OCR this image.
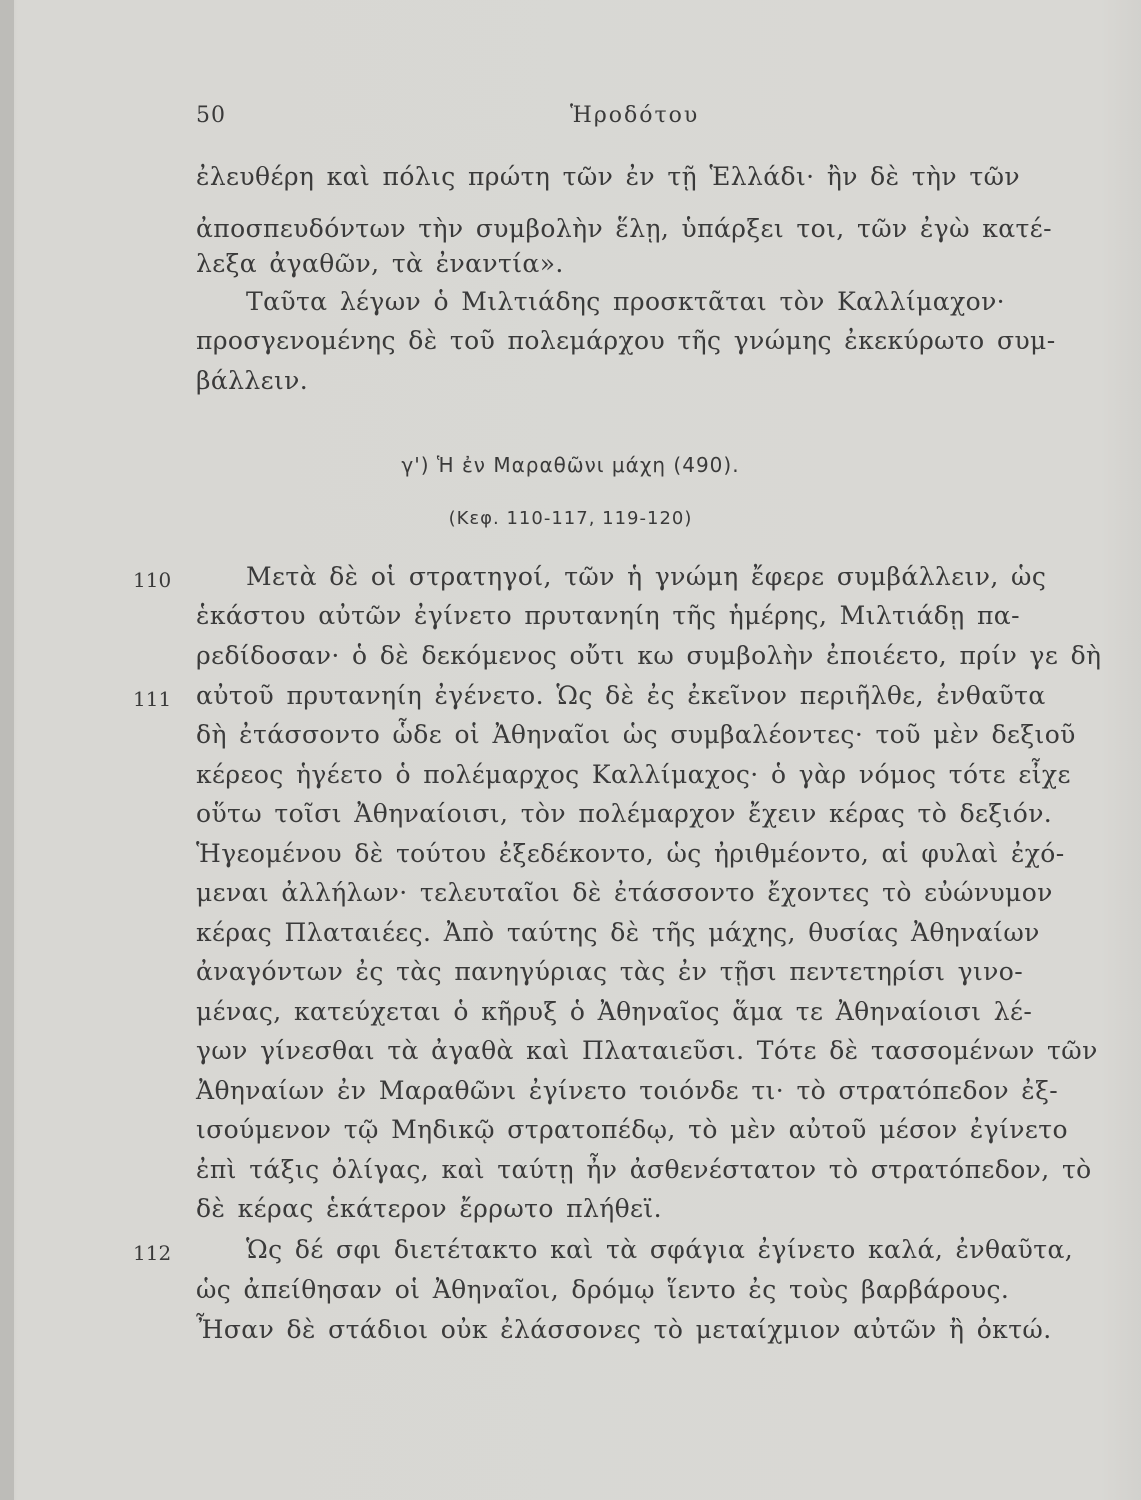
50	Ἡροδότου
ἐλευθέρη καὶ πόλις πρώτη τῶν ἐν τῇ Ἑλλάδι· ἢν δὲ τὴν τῶν
ἀποσπευδόντων τὴν συμβολὴν ἕλῃ, ὑπάρξει τοι, τῶν ἐγὼ κατέ-
λεξα ἀγαθῶν, τὰ ἐναντία».
Ταῦτα λέγων ὁ Μιλτιάδης προσκτᾶται τὸν Καλλίμαχον·
προσγενομένης δὲ τοῦ πολεμάρχου τῆς γνώμης ἐκεκύρωτο συμ-
βάλλειν.
γ') Ἡ ἐν Μαραθῶνι μάχη (490).
(Κεφ. 110-117, 119-120)
110
111
112
Μετὰ δὲ οἱ στρατηγοί, τῶν ἡ γνώμη ἔφερε συμβάλλειν, ὡς
ἑκάστου αὐτῶν ἐγίνετο πρυτανηίη τῆς ἡμέρης, Μιλτιάδῃ πα-
ρεδίδοσαν· ὁ δὲ δεκόμενος οὔτι κω συμβολὴν ἐποιέετο, πρίν γε δὴ
αὐτοῦ πρυτανηίη ἐγένετο. Ὡς δὲ ἐς ἐκεῖνον περιῆλθε, ἐνθαῦτα
δὴ ἐτάσσοντο ὧδε οἱ Ἀθηναῖοι ὡς συμβαλέοντες· τοῦ μὲν δεξιοῦ
κέρεος ἡγέετο ὁ πολέμαρχος Καλλίμαχος· ὁ γὰρ νόμος τότε εἶχε
οὕτω τοῖσι Ἀθηναίοισι, τὸν πολέμαρχον ἔχειν κέρας τὸ δεξιόν.
Ἡγεομένου δὲ τούτου ἐξεδέκοντο, ὡς ἠριθμέοντο, αἱ φυλαὶ ἐχό-
μεναι ἀλλήλων· τελευταῖοι δὲ ἐτάσσοντο ἔχοντες τὸ εὐώνυμον
κέρας Πλαταιέες. Ἀπὸ ταύτης δὲ τῆς μάχης, θυσίας Ἀθηναίων
ἀναγόντων ἐς τὰς πανηγύριας τὰς ἐν τῇσι πεντετηρίσι γινο-
μένας, κατεύχεται ὁ κῆρυξ ὁ Ἀθηναῖος ἅμα τε Ἀθηναίοισι λέ-
γων γίνεσθαι τὰ ἀγαθὰ καὶ Πλαταιεῦσι. Τότε δὲ τασσομένων τῶν
Ἀθηναίων ἐν Μαραθῶνι ἐγίνετο τοιόνδε τι· τὸ στρατόπεδον ἐξ-
ισούμενον τῷ Μηδικῷ στρατοπέδῳ, τὸ μὲν αὐτοῦ μέσον ἐγίνετο
ἐπὶ τάξις ὀλίγας, καὶ ταύτῃ ἦν ἀσθενέστατον τὸ στρατόπεδον, τὸ
δὲ κέρας ἑκάτερον ἔρρωτο πλήθεϊ.
Ὡς δέ σφι διετέτακτο καὶ τὰ σφάγια ἐγίνετο καλά, ἐνθαῦτα,
ὡς ἀπείθησαν οἱ Ἀθηναῖοι, δρόμῳ ἵεντο ἐς τοὺς βαρβάρους.
Ἦσαν δὲ στάδιοι οὐκ ἐλάσσονες τὸ μεταίχμιον αὐτῶν ἢ ὀκτώ.
